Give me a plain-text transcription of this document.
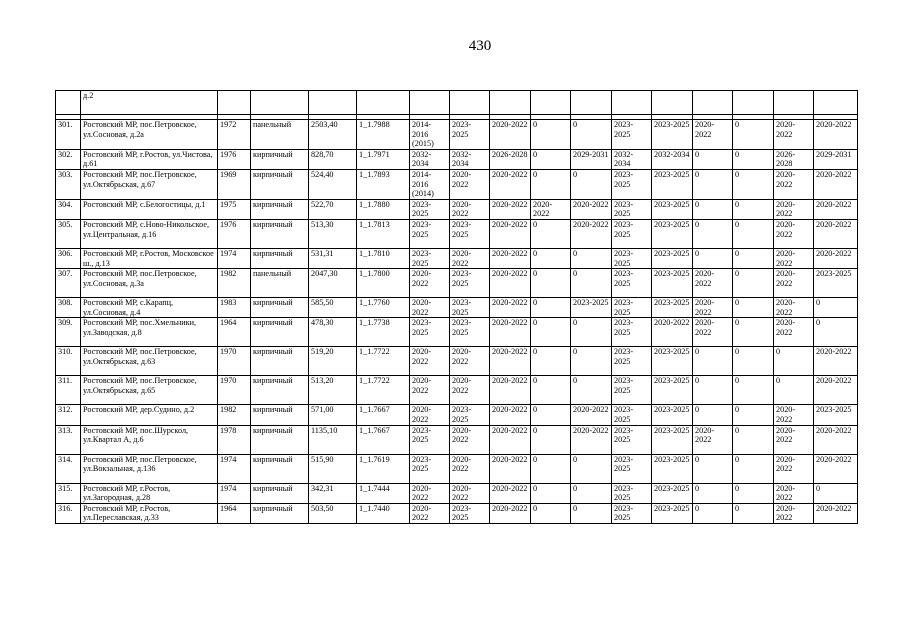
430
	д.2															

301.	Ростовский МР, пос.Петровское, ул.Сосновая, д.2а	1972	панельный	2503,40	1_1.7988	2014-2016 (2015)	2023-2025	2020-2022	0	0	2023-2025	2023-2025	2020-2022	0	2020-2022	2020-2022
302.	Ростовский МР, г.Ростов, ул.Чистова, д.61	1976	кирпичный	828,70	1_1.7971	2032-2034	2032-2034	2026-2028	0	2029-2031	2032-2034	2032-2034	0	0	2026-2028	2029-2031
303.	Ростовский МР, пос.Петровское, ул.Октябрьская, д.67	1969	кирпичный	524,40	1_1.7893	2014-2016 (2014)	2020-2022	2020-2022	0	0	2023-2025	2023-2025	0	0	2020-2022	2020-2022
304.	Ростовский МР, с.Белогостицы, д.1	1975	кирпичный	522,70	1_1.7880	2023-2025	2020-2022	2020-2022	2020-2022	2020-2022	2023-2025	2023-2025	0	0	2020-2022	2020-2022
305.	Ростовский МР, с.Ново-Никольское, ул.Центральная, д.16	1976	кирпичный	513,30	1_1.7813	2023-2025	2023-2025	2020-2022	0	2020-2022	2023-2025	2023-2025	0	0	2020-2022	2020-2022
306.	Ростовский МР, г.Ростов, Московское ш., д.13	1974	кирпичный	531,31	1_1.7810	2023-2025	2020-2022	2020-2022	0	0	2023-2025	2023-2025	0	0	2020-2022	2020-2022
307.	Ростовский МР, пос.Петровское, ул.Сосновая, д.3а	1982	панельный	2047,30	1_1.7800	2020-2022	2023-2025	2020-2022	0	0	2023-2025	2023-2025	2020-2022	0	2020-2022	2023-2025
308.	Ростовский МР, с.Карапц, ул.Сосновая, д.4	1983	кирпичный	585,50	1_1.7760	2020-2022	2023-2025	2020-2022	0	2023-2025	2023-2025	2023-2025	2020-2022	0	2020-2022	0
309.	Ростовский МР, пос.Хмельники, ул.Заводская, д.8	1964	кирпичный	478,30	1_1.7738	2023-2025	2023-2025	2020-2022	0	0	2023-2025	2020-2022	2020-2022	0	2020-2022	0
310.	Ростовский МР, пос.Петровское, ул.Октябрьская, д.63	1970	кирпичный	519,20	1_1.7722	2020-2022	2020-2022	2020-2022	0	0	2023-2025	2023-2025	0	0	0	2020-2022
311.	Ростовский МР, пос.Петровское, ул.Октябрьская, д.65	1970	кирпичный	513,20	1_1.7722	2020-2022	2020-2022	2020-2022	0	0	2023-2025	2023-2025	0	0	0	2020-2022
312.	Ростовский МР, дер.Судино, д.2	1982	кирпичный	571,00	1_1.7667	2020-2022	2023-2025	2020-2022	0	2020-2022	2023-2025	2023-2025	0	0	2020-2022	2023-2025
313.	Ростовский МР, пос.Шурскол, ул.Квартал А, д.6	1978	кирпичный	1135,10	1_1.7667	2023-2025	2020-2022	2020-2022	0	2020-2022	2023-2025	2023-2025	2020-2022	0	2020-2022	2020-2022
314.	Ростовский МР, пос.Петровское, ул.Вокзальная, д.136	1974	кирпичный	515,90	1_1.7619	2023-2025	2020-2022	2020-2022	0	0	2023-2025	2023-2025	0	0	2020-2022	2020-2022
315.	Ростовский МР, г.Ростов, ул.Загородная, д.28	1974	кирпичный	342,31	1_1.7444	2020-2022	2020-2022	2020-2022	0	0	2023-2025	2023-2025	0	0	2020-2022	0
316.	Ростовский МР, г.Ростов, ул.Переславская, д.33	1964	кирпичный	503,50	1_1.7440	2020-2022	2023-2025	2020-2022	0	0	2023-2025	2023-2025	0	0	2020-2022	2020-2022
